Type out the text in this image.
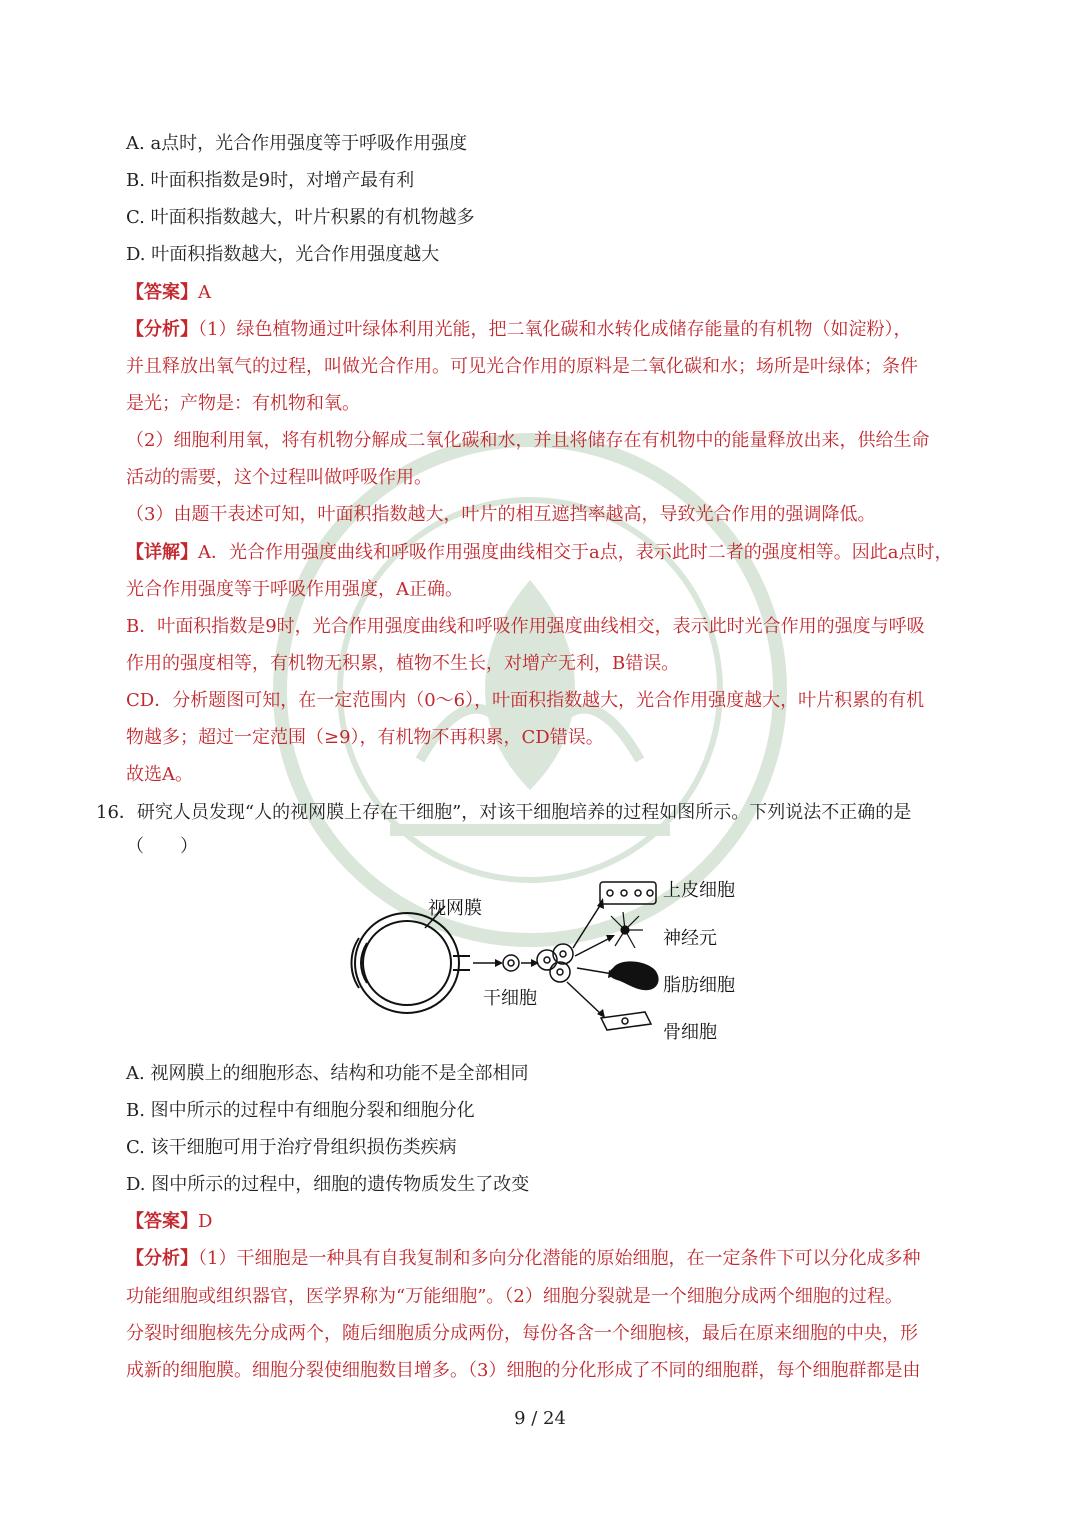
A. a点时，光合作用强度等于呼吸作用强度
B. 叶面积指数是9时，对增产最有利
C. 叶面积指数越大，叶片积累的有机物越多
D. 叶面积指数越大，光合作用强度越大
【答案】A
【分析】（1）绿色植物通过叶绿体利用光能，把二氧化碳和水转化成储存能量的有机物（如淀粉），
并且释放出氧气的过程，叫做光合作用。可见光合作用的原料是二氧化碳和水；场所是叶绿体；条件
是光；产物是：有机物和氧。
（2）细胞利用氧，将有机物分解成二氧化碳和水，并且将储存在有机物中的能量释放出来，供给生命
活动的需要，这个过程叫做呼吸作用。
（3）由题干表述可知，叶面积指数越大，叶片的相互遮挡率越高，导致光合作用的强调降低。
【详解】A．光合作用强度曲线和呼吸作用强度曲线相交于a点，表示此时二者的强度相等。因此a点时，
光合作用强度等于呼吸作用强度，A正确。
B．叶面积指数是9时，光合作用强度曲线和呼吸作用强度曲线相交，表示此时光合作用的强度与呼吸
作用的强度相等，有机物无积累，植物不生长，对增产无利，B错误。
CD．分析题图可知，在一定范围内（0～6），叶面积指数越大，光合作用强度越大，叶片积累的有机
物越多；超过一定范围（≥9），有机物不再积累，CD错误。
故选A。
16．研究人员发现“人的视网膜上存在干细胞”，对该干细胞培养的过程如图所示。下列说法不正确的是
（　　）
视网膜
干细胞
上皮细胞
神经元
脂肪细胞
骨细胞
A. 视网膜上的细胞形态、结构和功能不是全部相同
B. 图中所示的过程中有细胞分裂和细胞分化
C. 该干细胞可用于治疗骨组织损伤类疾病
D. 图中所示的过程中，细胞的遗传物质发生了改变
【答案】D
【分析】（1）干细胞是一种具有自我复制和多向分化潜能的原始细胞，在一定条件下可以分化成多种
功能细胞或组织器官，医学界称为“万能细胞”。（2）细胞分裂就是一个细胞分成两个细胞的过程。
分裂时细胞核先分成两个，随后细胞质分成两份，每份各含一个细胞核，最后在原来细胞的中央，形
成新的细胞膜。细胞分裂使细胞数目增多。（3）细胞的分化形成了不同的细胞群，每个细胞群都是由
9 / 24
